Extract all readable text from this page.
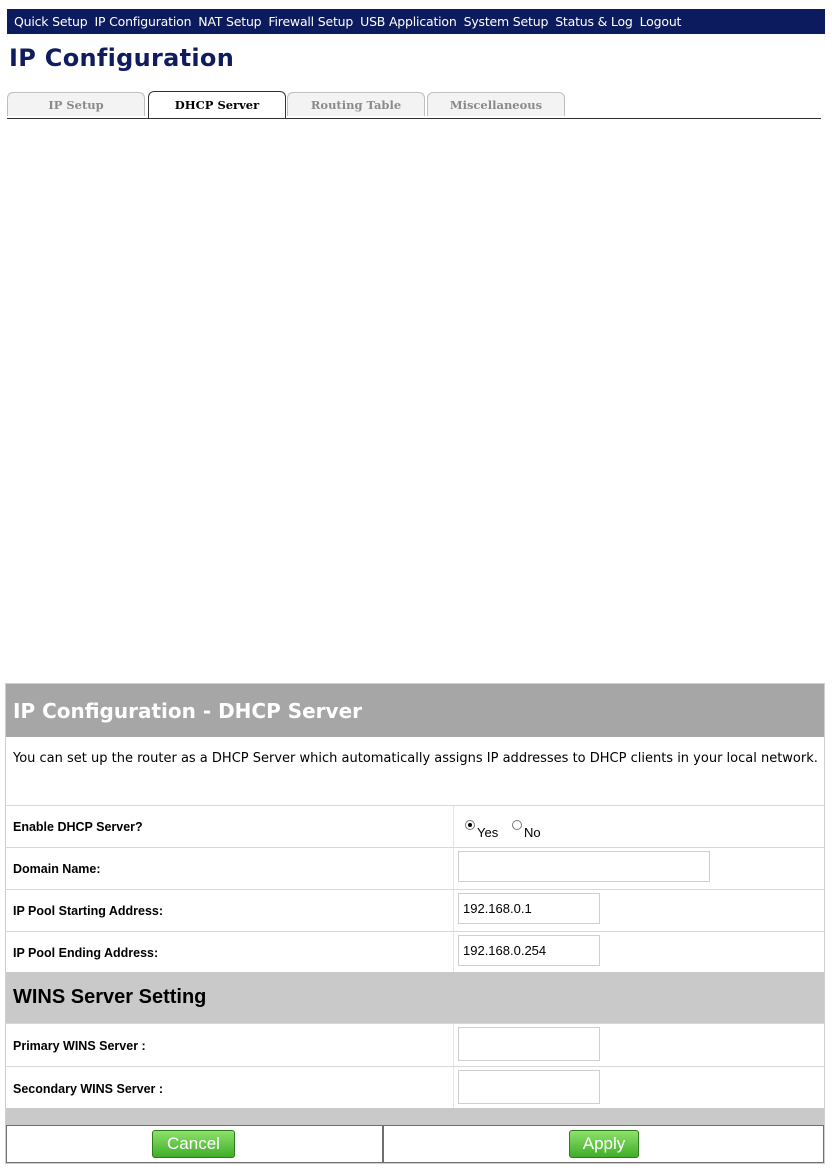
Quick Setup IP Configuration NAT Setup Firewall Setup USB Application System Setup Status & Log Logout
IP Configuration
IP Setup	DHCP Server	Routing Table	Miscellaneous
IP Configuration - DHCP Server
You can set up the router as a DHCP Server which automatically assigns IP addresses to DHCP clients in your local network.
Enable DHCP Server?	Yes No
Domain Name:
IP Pool Starting Address:	192.168.0.1
IP Pool Ending Address:	192.168.0.254
WINS Server Setting
Primary WINS Server :
Secondary WINS Server :
Cancel	Apply
